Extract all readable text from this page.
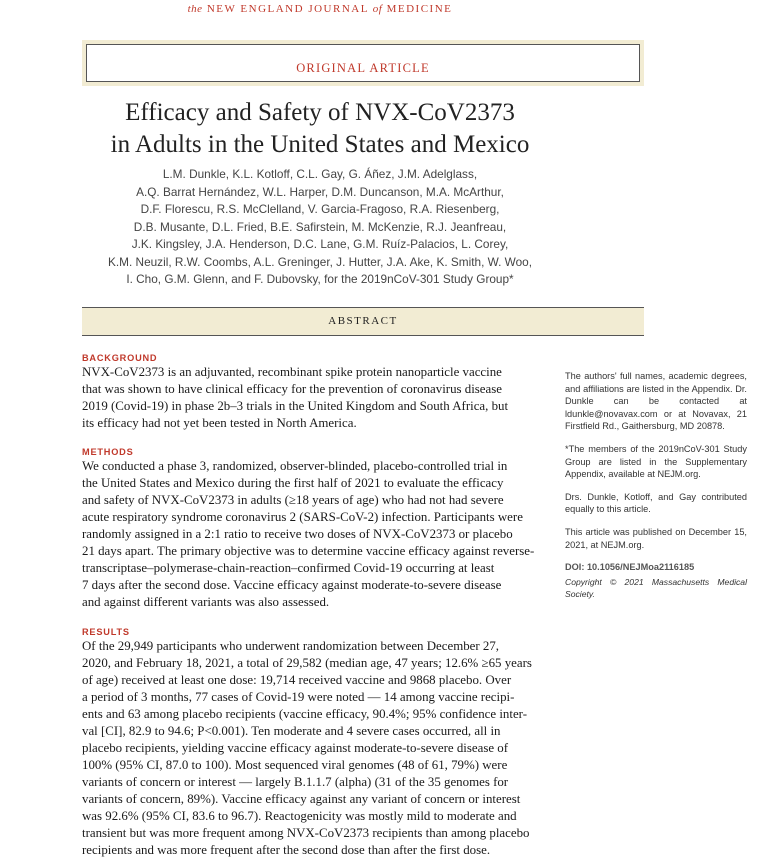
the NEW ENGLAND JOURNAL of MEDICINE
ORIGINAL ARTICLE
Efficacy and Safety of NVX-CoV2373
in Adults in the United States and Mexico
L.M. Dunkle, K.L. Kotloff, C.L. Gay, G. Áñez, J.M. Adelglass,
A.Q. Barrat Hernández, W.L. Harper, D.M. Duncanson, M.A. McArthur,
D.F. Florescu, R.S. McClelland, V. Garcia-Fragoso, R.A. Riesenberg,
D.B. Musante, D.L. Fried, B.E. Safirstein, M. McKenzie, R.J. Jeanfreau,
J.K. Kingsley, J.A. Henderson, D.C. Lane, G.M. Ruíz-Palacios, L. Corey,
K.M. Neuzil, R.W. Coombs, A.L. Greninger, J. Hutter, J.A. Ake, K. Smith, W. Woo,
I. Cho, G.M. Glenn, and F. Dubovsky, for the 2019nCoV-301 Study Group*
ABSTRACT
BACKGROUND
NVX-CoV2373 is an adjuvanted, recombinant spike protein nanoparticle vaccine
that was shown to have clinical efficacy for the prevention of coronavirus disease
2019 (Covid-19) in phase 2b–3 trials in the United Kingdom and South Africa, but
its efficacy had not yet been tested in North America.
METHODS
We conducted a phase 3, randomized, observer-blinded, placebo-controlled trial in
the United States and Mexico during the first half of 2021 to evaluate the efficacy
and safety of NVX-CoV2373 in adults (≥18 years of age) who had not had severe
acute respiratory syndrome coronavirus 2 (SARS-CoV-2) infection. Participants were
randomly assigned in a 2:1 ratio to receive two doses of NVX-CoV2373 or placebo
21 days apart. The primary objective was to determine vaccine efficacy against reverse-
transcriptase–polymerase-chain-reaction–confirmed Covid-19 occurring at least
7 days after the second dose. Vaccine efficacy against moderate-to-severe disease
and against different variants was also assessed.
RESULTS
Of the 29,949 participants who underwent randomization between December 27,
2020, and February 18, 2021, a total of 29,582 (median age, 47 years; 12.6% ≥65 years
of age) received at least one dose: 19,714 received vaccine and 9868 placebo. Over
a period of 3 months, 77 cases of Covid-19 were noted — 14 among vaccine recipi-
ents and 63 among placebo recipients (vaccine efficacy, 90.4%; 95% confidence inter-
val [CI], 82.9 to 94.6; P<0.001). Ten moderate and 4 severe cases occurred, all in
placebo recipients, yielding vaccine efficacy against moderate-to-severe disease of
100% (95% CI, 87.0 to 100). Most sequenced viral genomes (48 of 61, 79%) were
variants of concern or interest — largely B.1.1.7 (alpha) (31 of the 35 genomes for
variants of concern, 89%). Vaccine efficacy against any variant of concern or interest
was 92.6% (95% CI, 83.6 to 96.7). Reactogenicity was mostly mild to moderate and
transient but was more frequent among NVX-CoV2373 recipients than among placebo
recipients and was more frequent after the second dose than after the first dose.

The authors' full names, academic degrees, and affiliations are listed in the Appendix. Dr. Dunkle can be contacted at ldunkle@novavax.com or at Novavax, 21 Firstfield Rd., Gaithersburg, MD 20878.

*The members of the 2019nCoV-301 Study Group are listed in the Supplementary Appendix, available at NEJM.org.

Drs. Dunkle, Kotloff, and Gay contributed equally to this article.

This article was published on December 15, 2021, at NEJM.org.

DOI: 10.1056/NEJMoa2116185

Copyright © 2021 Massachusetts Medical Society.
